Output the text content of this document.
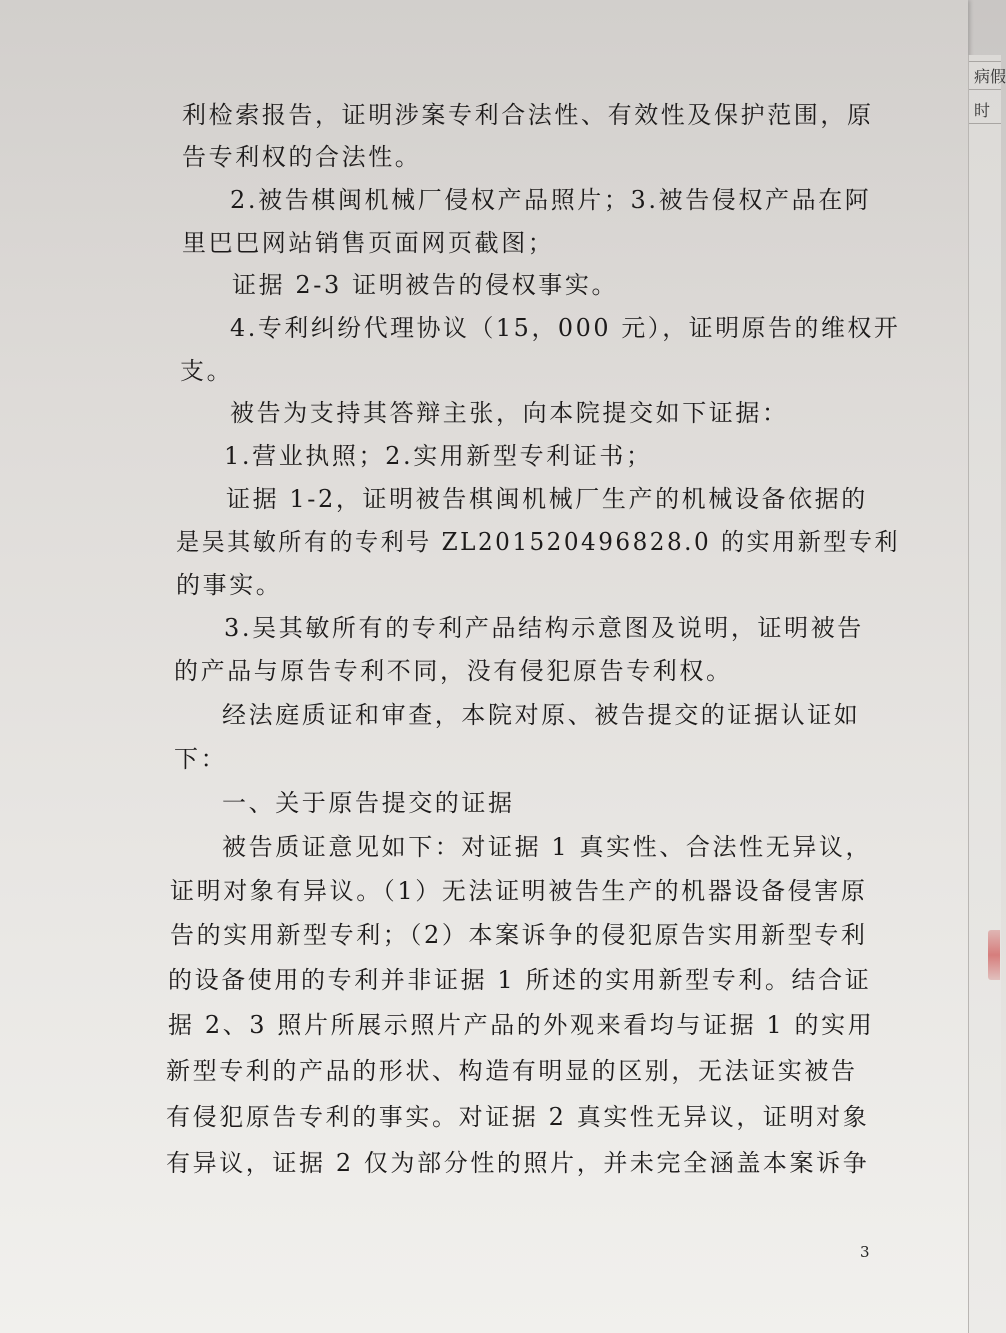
病假
时
利检索报告，证明涉案专利合法性、有效性及保护范围，原
告专利权的合法性。
2.被告棋闽机械厂侵权产品照片；3.被告侵权产品在阿
里巴巴网站销售页面网页截图；
证据 2-3 证明被告的侵权事实。
4.专利纠纷代理协议（15，000 元），证明原告的维权开
支。
被告为支持其答辩主张，向本院提交如下证据：
1.营业执照；2.实用新型专利证书；
证据 1-2，证明被告棋闽机械厂生产的机械设备依据的
是吴其敏所有的专利号 ZL201520496828.0 的实用新型专利
的事实。
3.吴其敏所有的专利产品结构示意图及说明，证明被告
的产品与原告专利不同，没有侵犯原告专利权。
经法庭质证和审查，本院对原、被告提交的证据认证如
下：
一、关于原告提交的证据
被告质证意见如下：对证据 1 真实性、合法性无异议，
证明对象有异议。（1）无法证明被告生产的机器设备侵害原
告的实用新型专利；（2）本案诉争的侵犯原告实用新型专利
的设备使用的专利并非证据 1 所述的实用新型专利。结合证
据 2、3 照片所展示照片产品的外观来看均与证据 1 的实用
新型专利的产品的形状、构造有明显的区别，无法证实被告
有侵犯原告专利的事实。对证据 2 真实性无异议，证明对象
有异议，证据 2 仅为部分性的照片，并未完全涵盖本案诉争
3
